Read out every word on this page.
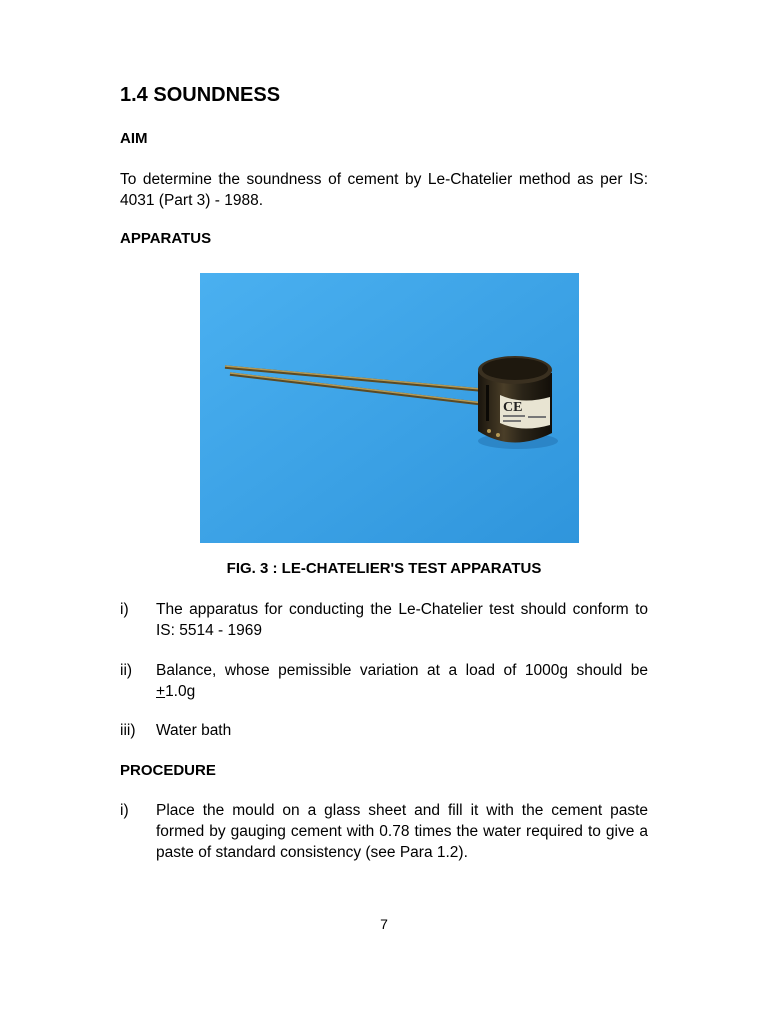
1.4 SOUNDNESS
AIM
To determine the soundness of cement by Le-Chatelier method as per IS: 4031 (Part 3) - 1988.
APPARATUS
CE
FIG. 3 : LE-CHATELIER'S TEST APPARATUS
i) The apparatus for conducting the Le-Chatelier test should conform to IS: 5514 - 1969
ii) Balance, whose pemissible variation at a load of 1000g should be +1.0g
iii) Water bath
PROCEDURE
i) Place the mould on a glass sheet and fill it with the cement paste formed by gauging cement with 0.78 times the water required to give a paste of standard consistency (see Para 1.2).
7
